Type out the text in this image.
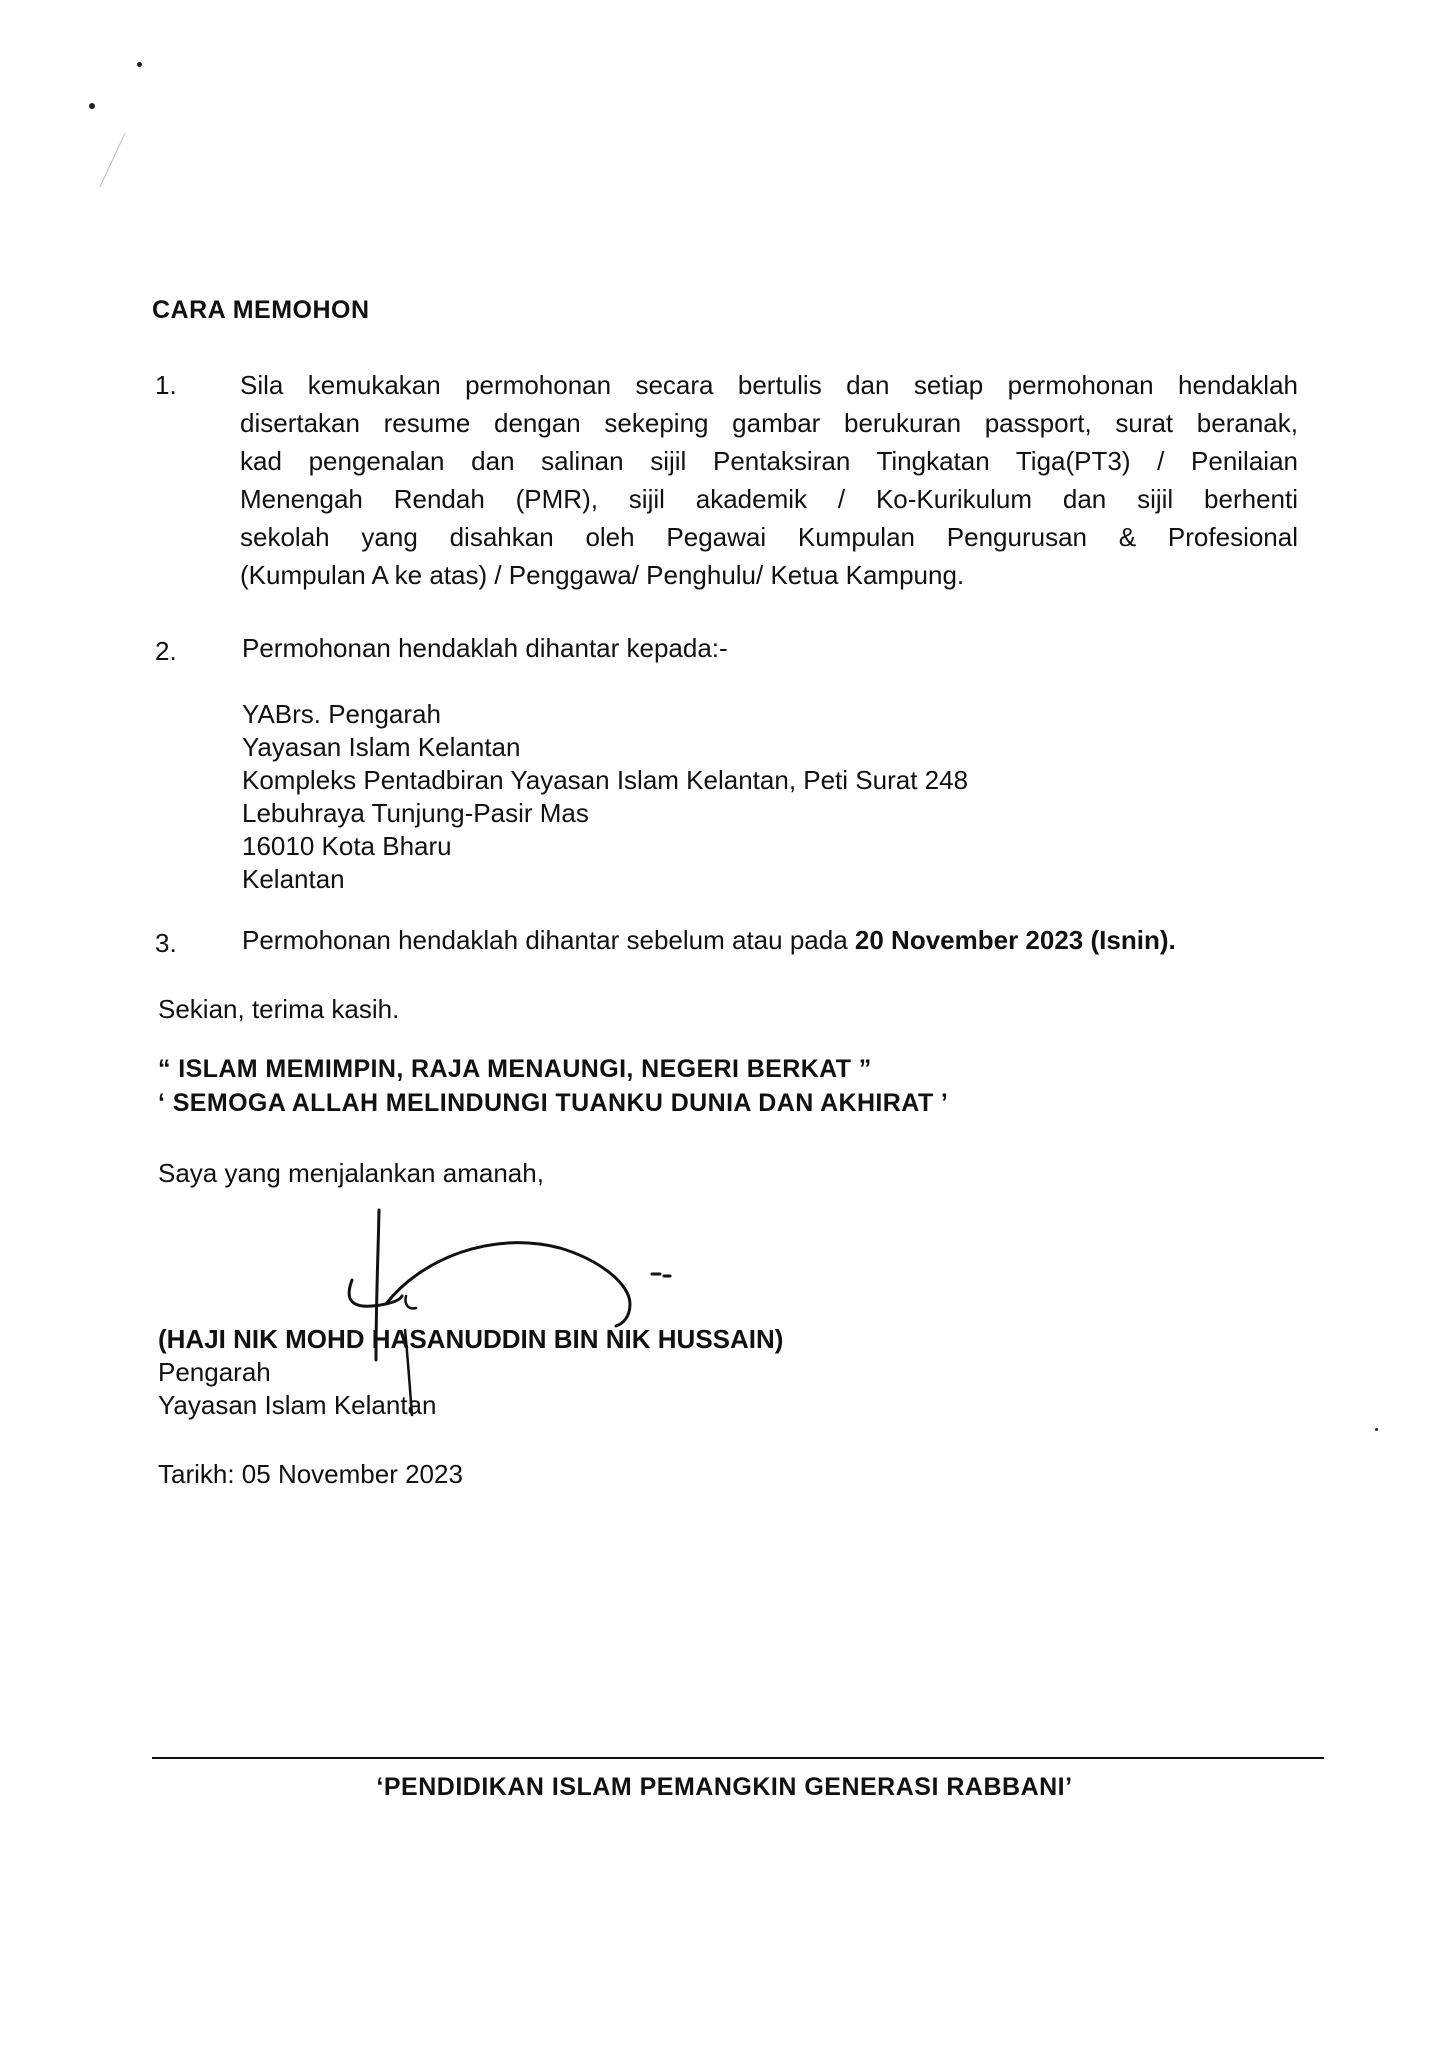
CARA MEMOHON
1. Sila kemukakan permohonan secara bertulis dan setiap permohonan hendaklah
disertakan resume dengan sekeping gambar berukuran passport, surat beranak,
kad pengenalan dan salinan sijil Pentaksiran Tingkatan Tiga(PT3) / Penilaian
Menengah Rendah (PMR), sijil akademik / Ko-Kurikulum dan sijil berhenti
sekolah yang disahkan oleh Pegawai Kumpulan Pengurusan & Profesional
(Kumpulan A ke atas) / Penggawa/ Penghulu/ Ketua Kampung.
2.	Permohonan hendaklah dihantar kepada:-
YABrs. Pengarah
Yayasan Islam Kelantan
Kompleks Pentadbiran Yayasan Islam Kelantan, Peti Surat 248
Lebuhraya Tunjung-Pasir Mas
16010 Kota Bharu
Kelantan
3.	Permohonan hendaklah dihantar sebelum atau pada 20 November 2023 (Isnin).
Sekian, terima kasih.
“ ISLAM MEMIMPIN, RAJA MENAUNGI, NEGERI BERKAT ”
‘ SEMOGA ALLAH MELINDUNGI TUANKU DUNIA DAN AKHIRAT ’
Saya yang menjalankan amanah,
(HAJI NIK MOHD HASANUDDIN BIN NIK HUSSAIN)
Pengarah
Yayasan Islam Kelantan
Tarikh: 05 November 2023
‘PENDIDIKAN ISLAM PEMANGKIN GENERASI RABBANI’
